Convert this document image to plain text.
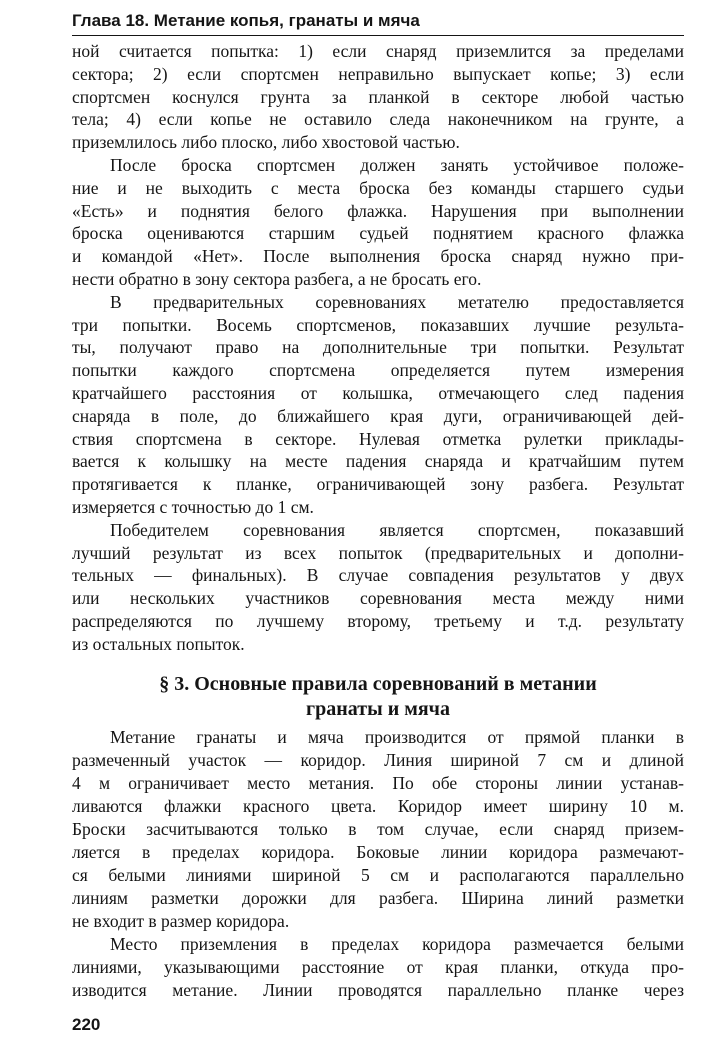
Глава 18. Метание копья, гранаты и мяча
ной считается попытка: 1) если снаряд приземлится за пределами
сектора; 2) если спортсмен неправильно выпускает копье; 3) если
спортсмен коснулся грунта за планкой в секторе любой частью
тела; 4) если копье не оставило следа наконечником на грунте, а
приземлилось либо плоско, либо хвостовой частью.
После броска спортсмен должен занять устойчивое положе-
ние и не выходить с места броска без команды старшего судьи
«Есть» и поднятия белого флажка. Нарушения при выполнении
броска оцениваются старшим судьей поднятием красного флажка
и командой «Нет». После выполнения броска снаряд нужно при-
нести обратно в зону сектора разбега, а не бросать его.
В предварительных соревнованиях метателю предоставляется
три попытки. Восемь спортсменов, показавших лучшие результа-
ты, получают право на дополнительные три попытки. Результат
попытки каждого спортсмена определяется путем измерения
кратчайшего расстояния от колышка, отмечающего след падения
снаряда в поле, до ближайшего края дуги, ограничивающей дей-
ствия спортсмена в секторе. Нулевая отметка рулетки приклады-
вается к колышку на месте падения снаряда и кратчайшим путем
протягивается к планке, ограничивающей зону разбега. Результат
измеряется с точностью до 1 см.
Победителем соревнования является спортсмен, показавший
лучший результат из всех попыток (предварительных и дополни-
тельных — финальных). В случае совпадения результатов у двух
или нескольких участников соревнования места между ними
распределяются по лучшему второму, третьему и т.д. результату
из остальных попыток.
§ 3. Основные правила соревнований в метании
гранаты и мяча
Метание гранаты и мяча производится от прямой планки в
размеченный участок — коридор. Линия шириной 7 см и длиной
4 м ограничивает место метания. По обе стороны линии устанав-
ливаются флажки красного цвета. Коридор имеет ширину 10 м.
Броски засчитываются только в том случае, если снаряд призем-
ляется в пределах коридора. Боковые линии коридора размечают-
ся белыми линиями шириной 5 см и располагаются параллельно
линиям разметки дорожки для разбега. Ширина линий разметки
не входит в размер коридора.
Место приземления в пределах коридора размечается белыми
линиями, указывающими расстояние от края планки, откуда про-
изводится метание. Линии проводятся параллельно планке через
220
